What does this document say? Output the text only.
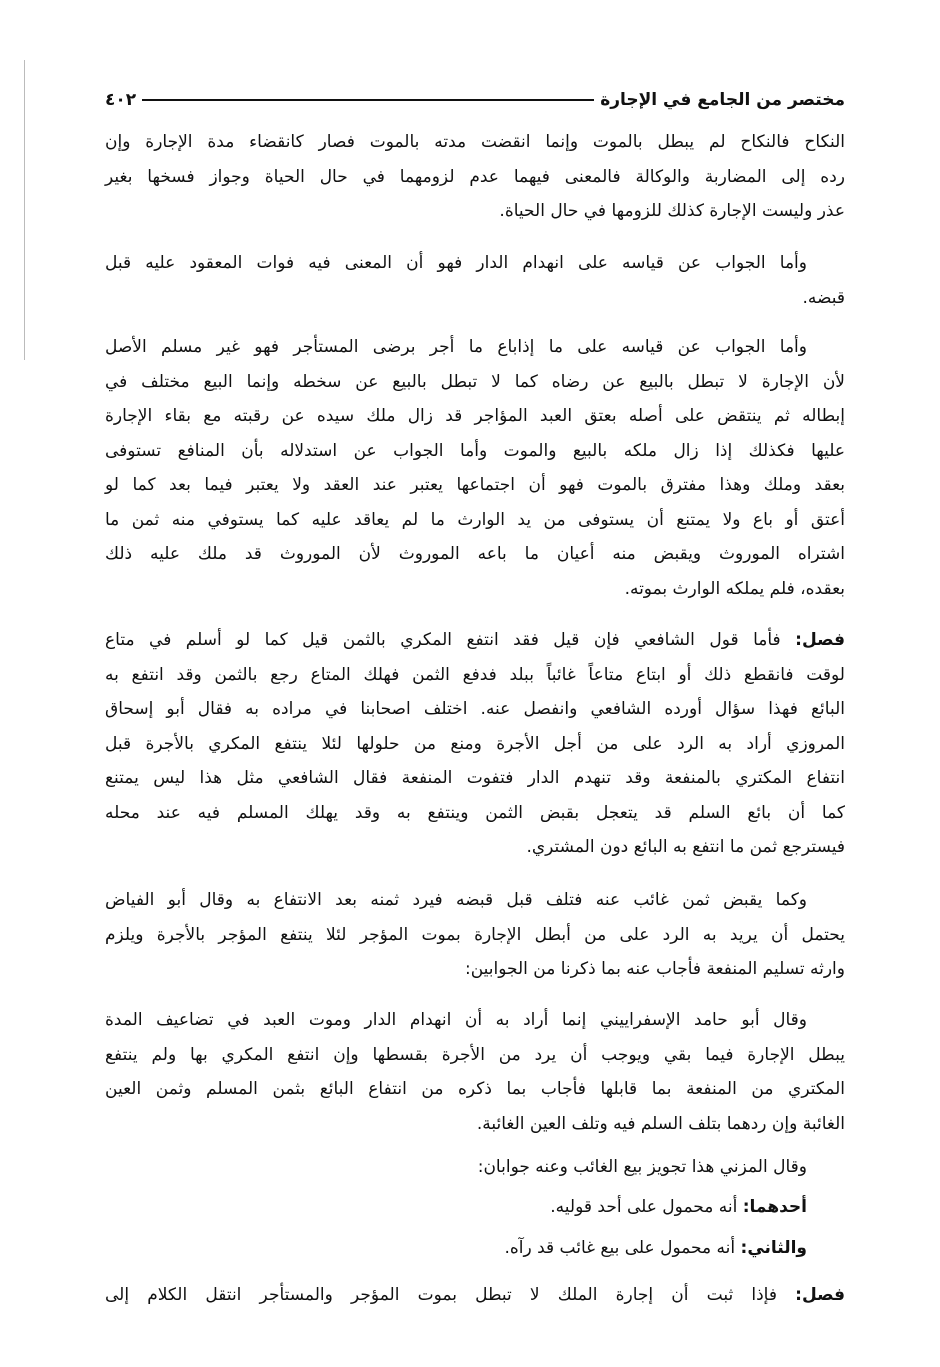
مختصر من الجامع في الإجارة
٤٠٢
النكاح فالنكاح لم يبطل بالموت وإنما انقضت مدته بالموت فصار كانقضاء مدة الإجارة وإن
رده إلى المضاربة والوكالة فالمعنى فيهما عدم لزومهما في حال الحياة وجواز فسخها بغير
عذر وليست الإجارة كذلك للزومها في حال الحياة.
وأما الجواب عن قياسه على انهدام الدار فهو أن المعنى فيه فوات المعقود عليه قبل
قبضه.
وأما الجواب عن قياسه على ما إذاباع ما أجر برضى المستأجر فهو غير مسلم الأصل
لأن الإجارة لا تبطل بالبيع عن رضاه كما لا تبطل بالبيع عن سخطه وإنما البيع مختلف في
إبطاله ثم ينتقض على أصله بعتق العبد المؤاجر قد زال ملك سيده عن رقبته مع بقاء الإجارة
عليها فكذلك إذا زال ملكه بالبيع والموت وأما الجواب عن استدلاله بأن المنافع تستوفى
بعقد وملك وهذا مفترق بالموت فهو أن اجتماعها يعتبر عند العقد ولا يعتبر فيما بعد كما لو
أعتق أو باع ولا يمتنع أن يستوفى من يد الوارث ما لم يعاقد عليه كما يستوفي منه ثمن ما
اشتراه الموروث ويقبض منه أعيان ما باعه الموروث لأن الموروث قد ملك عليه ذلك
بعقده، فلم يملكه الوارث بموته.
فصل: فأما قول الشافعي فإن قيل فقد انتفع المكري بالثمن قيل كما لو أسلم في متاع
لوقت فانقطع ذلك أو ابتاع متاعاً غائباً ببلد فدفع الثمن فهلك المتاع رجع بالثمن وقد انتفع به
البائع فهذا سؤال أورده الشافعي وانفصل عنه. اختلف اصحابنا في مراده به فقال أبو إسحاق
المروزي أراد به الرد على من أجل الأجرة ومنع من حلولها لئلا ينتفع المكري بالأجرة قبل
انتفاع المكتري بالمنفعة وقد تنهدم الدار فتفوت المنفعة فقال الشافعي مثل هذا ليس يمتنع
كما أن بائع السلم قد يتعجل بقبض الثمن وينتفع به وقد يهلك المسلم فيه عند محله
فيسترجع ثمن ما انتفع به البائع دون المشتري.
وكما يقبض ثمن غائب عنه فتلف قبل قبضه فيرد ثمنه بعد الانتفاع به وقال أبو الفياض
يحتمل أن يريد به الرد على من أبطل الإجارة بموت المؤجر لئلا ينتفع المؤجر بالأجرة ويلزم
وارثه تسليم المنفعة فأجاب عنه بما ذكرنا من الجوابين:
وقال أبو حامد الإسفراييني إنما أراد به أن انهدام الدار وموت العبد في تضاعيف المدة
يبطل الإجارة فيما بقي ويوجب أن يرد من الأجرة بقسطها وإن انتفع المكري بها ولم ينتفع
المكتري من المنفعة بما قابلها فأجاب بما ذكره من انتفاع البائع بثمن المسلم وثمن العين
الغائبة وإن ردهما بتلف السلم فيه وتلف العين الغائبة.
وقال المزني هذا تجويز بيع الغائب وعنه جوابان:
أحدهما: أنه محمول على أحد قوليه.
والثاني: أنه محمول على بيع غائب قد رآه.
فصل: فإذا ثبت أن إجارة الملك لا تبطل بموت المؤجر والمستأجر انتقل الكلام إلى
